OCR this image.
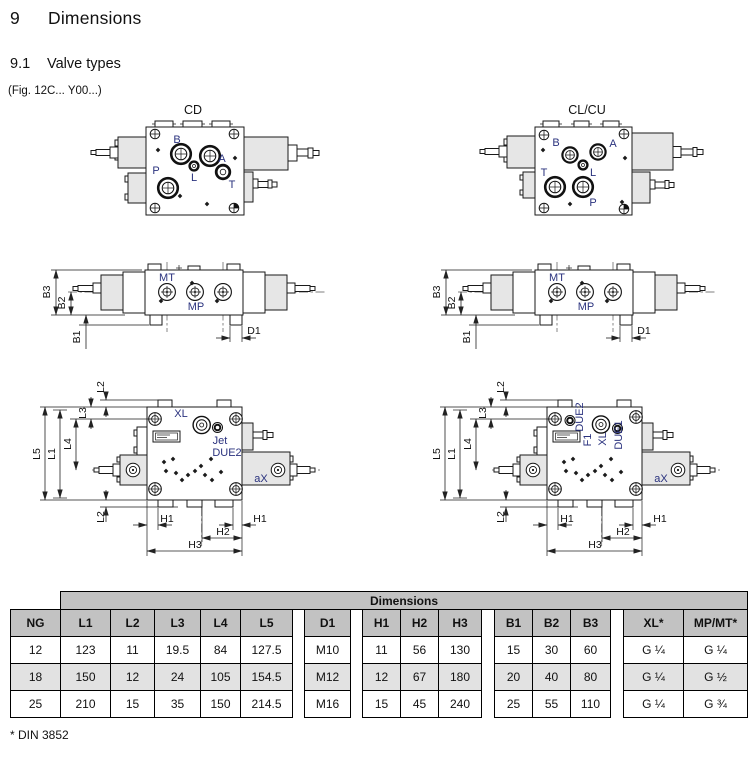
9	Dimensions
9.1	Valve types
(Fig. 12C... Y00...)
CD
B
A
L
P
T
CL/CU
B	A
L
T
P
MT
MP
B3
B2
B1	D1
MT
MP
B3
B2
B1	D1
XL
Jet
DUE2
aX
L5 L1
L4
L3
L2
L2	H1	H1
H2
H3
DUE2
F1 XL DUE1
aX
L5 L1
L4
L3
L2
L2	H1	H1
H2
H3
	Dimensions																	
NG	L1	L2	L3	L4	L5		D1		H1	H2	H3		B1	B2	B3		XL*	MP/MT*
12	123	11	19.5	84	127.5		M10		11	56	130		15	30	60		G ¼	G ¼
18	150	12	24	105	154.5		M12		12	67	180		20	40	80		G ¼	G ½
25	210	15	35	150	214.5		M16		15	45	240		25	55	110		G ¼	G ¾
* DIN 3852
